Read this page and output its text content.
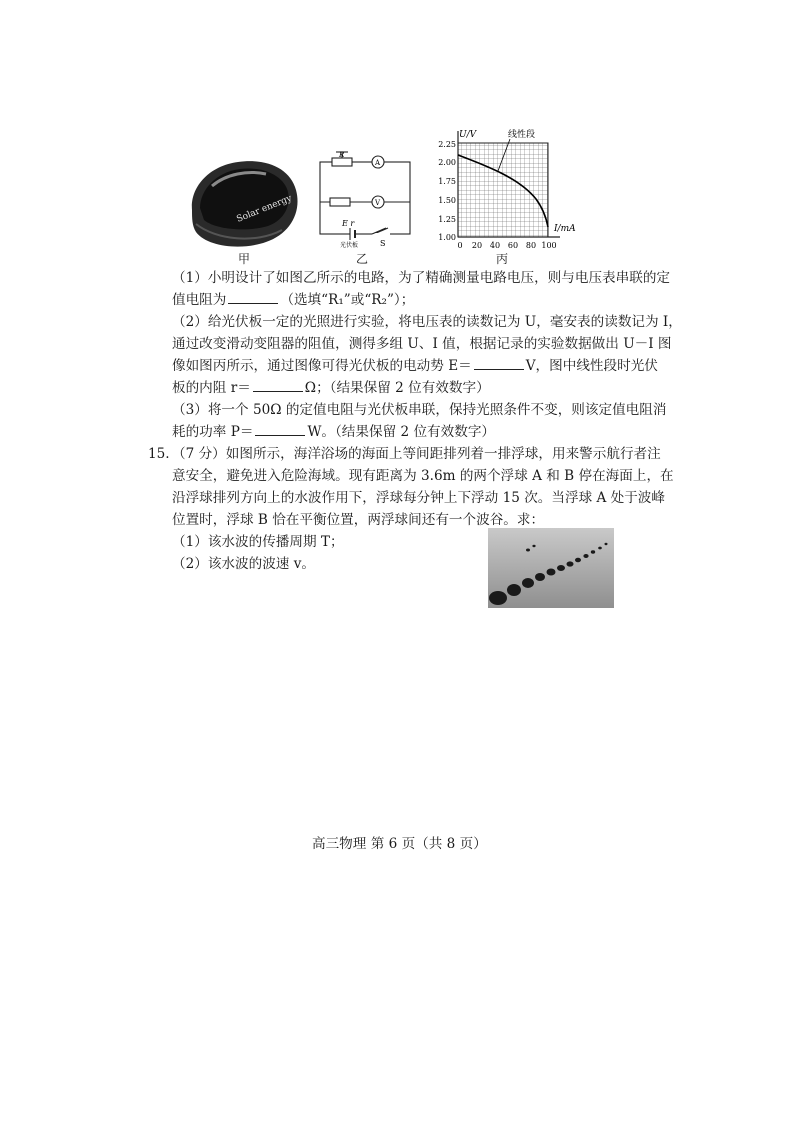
Solar energy
R
A
V
E r
光伏板	S
U/V
I/mA
线性段
2.25
2.00
1.75
1.50
1.25
1.00
0 20 40 60 80 100
甲	乙	丙
（1）小明设计了如图乙所示的电路，为了精确测量电路电压，则与电压表串联的定
值电阻为	（选填“R₁”或“R₂”）；
（2）给光伏板一定的光照进行实验，将电压表的读数记为 U，毫安表的读数记为 I，
通过改变滑动变阻器的阻值，测得多组 U、I 值，根据记录的实验数据做出 U－I 图
像如图丙所示，通过图像可得光伏板的电动势 E＝	V，图中线性段时光伏
板的内阻 r＝	Ω；（结果保留 2 位有效数字）
（3）将一个 50Ω 的定值电阻与光伏板串联，保持光照条件不变，则该定值电阻消
耗的功率 P＝	W。（结果保留 2 位有效数字）
15. （7 分）如图所示，海洋浴场的海面上等间距排列着一排浮球，用来警示航行者注
意安全，避免进入危险海域。现有距离为 3.6m 的两个浮球 A 和 B 停在海面上，在
沿浮球排列方向上的水波作用下，浮球每分钟上下浮动 15 次。当浮球 A 处于波峰
位置时，浮球 B 恰在平衡位置，两浮球间还有一个波谷。求：
（1）该水波的传播周期 T；
（2）该水波的波速 v。
高三物理 第 6 页（共 8 页）
